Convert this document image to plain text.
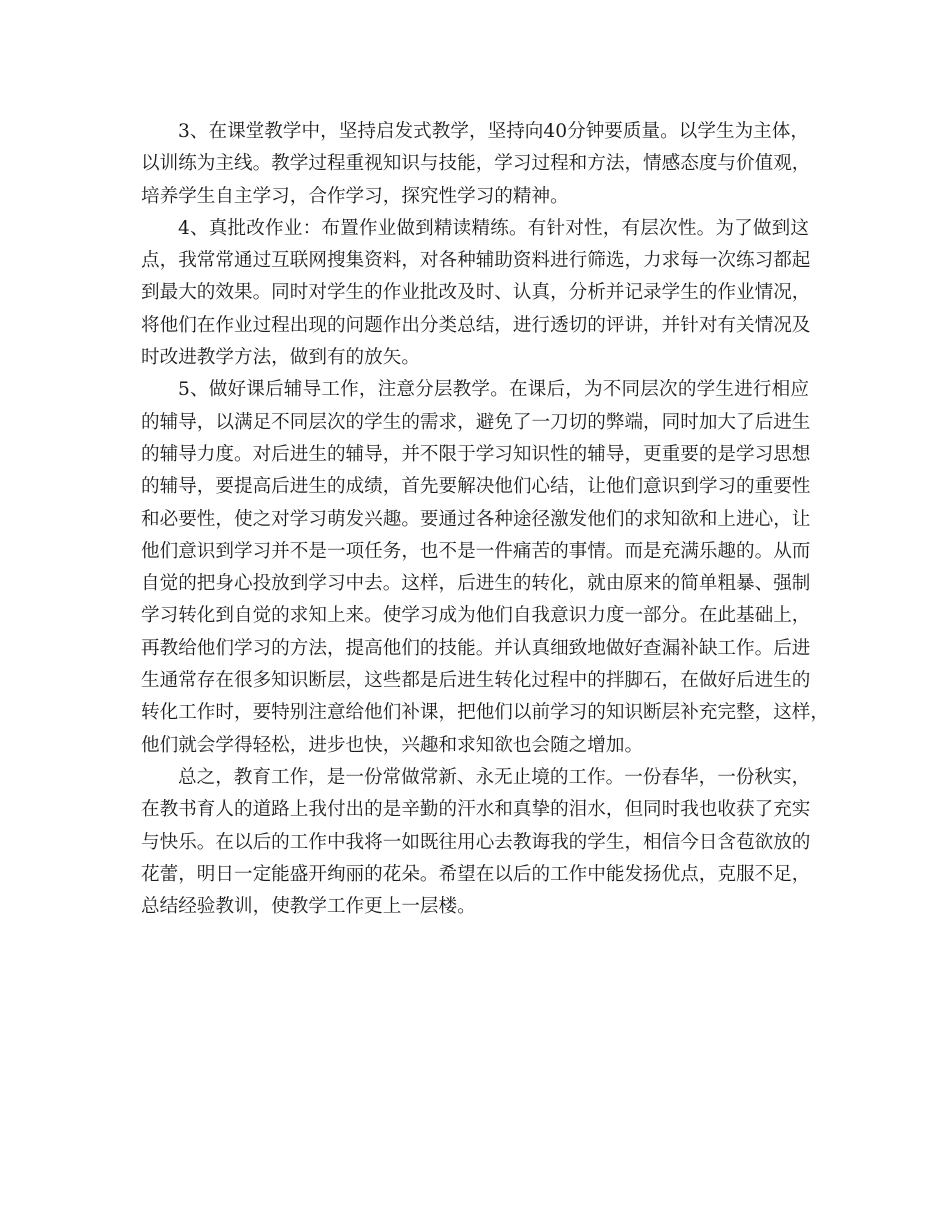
3、在课堂教学中，坚持启发式教学，坚持向40分钟要质量。以学生为主体，
以训练为主线。教学过程重视知识与技能，学习过程和方法，情感态度与价值观，
培养学生自主学习，合作学习，探究性学习的精神。
4、真批改作业：布置作业做到精读精练。有针对性，有层次性。为了做到这
点，我常常通过互联网搜集资料，对各种辅助资料进行筛选，力求每一次练习都起
到最大的效果。同时对学生的作业批改及时、认真，分析并记录学生的作业情况，
将他们在作业过程出现的问题作出分类总结，进行透切的评讲，并针对有关情况及
时改进教学方法，做到有的放矢。
5、做好课后辅导工作，注意分层教学。在课后，为不同层次的学生进行相应
的辅导，以满足不同层次的学生的需求，避免了一刀切的弊端，同时加大了后进生
的辅导力度。对后进生的辅导，并不限于学习知识性的辅导，更重要的是学习思想
的辅导，要提高后进生的成绩，首先要解决他们心结，让他们意识到学习的重要性
和必要性，使之对学习萌发兴趣。要通过各种途径激发他们的求知欲和上进心，让
他们意识到学习并不是一项任务，也不是一件痛苦的事情。而是充满乐趣的。从而
自觉的把身心投放到学习中去。这样，后进生的转化，就由原来的简单粗暴、强制
学习转化到自觉的求知上来。使学习成为他们自我意识力度一部分。在此基础上，
再教给他们学习的方法，提高他们的技能。并认真细致地做好查漏补缺工作。后进
生通常存在很多知识断层，这些都是后进生转化过程中的拌脚石，在做好后进生的
转化工作时，要特别注意给他们补课，把他们以前学习的知识断层补充完整，这样，
他们就会学得轻松，进步也快，兴趣和求知欲也会随之增加。
总之，教育工作，是一份常做常新、永无止境的工作。一份春华，一份秋实，
在教书育人的道路上我付出的是辛勤的汗水和真挚的泪水，但同时我也收获了充实
与快乐。在以后的工作中我将一如既往用心去教诲我的学生，相信今日含苞欲放的
花蕾，明日一定能盛开绚丽的花朵。希望在以后的工作中能发扬优点，克服不足，
总结经验教训，使教学工作更上一层楼。
